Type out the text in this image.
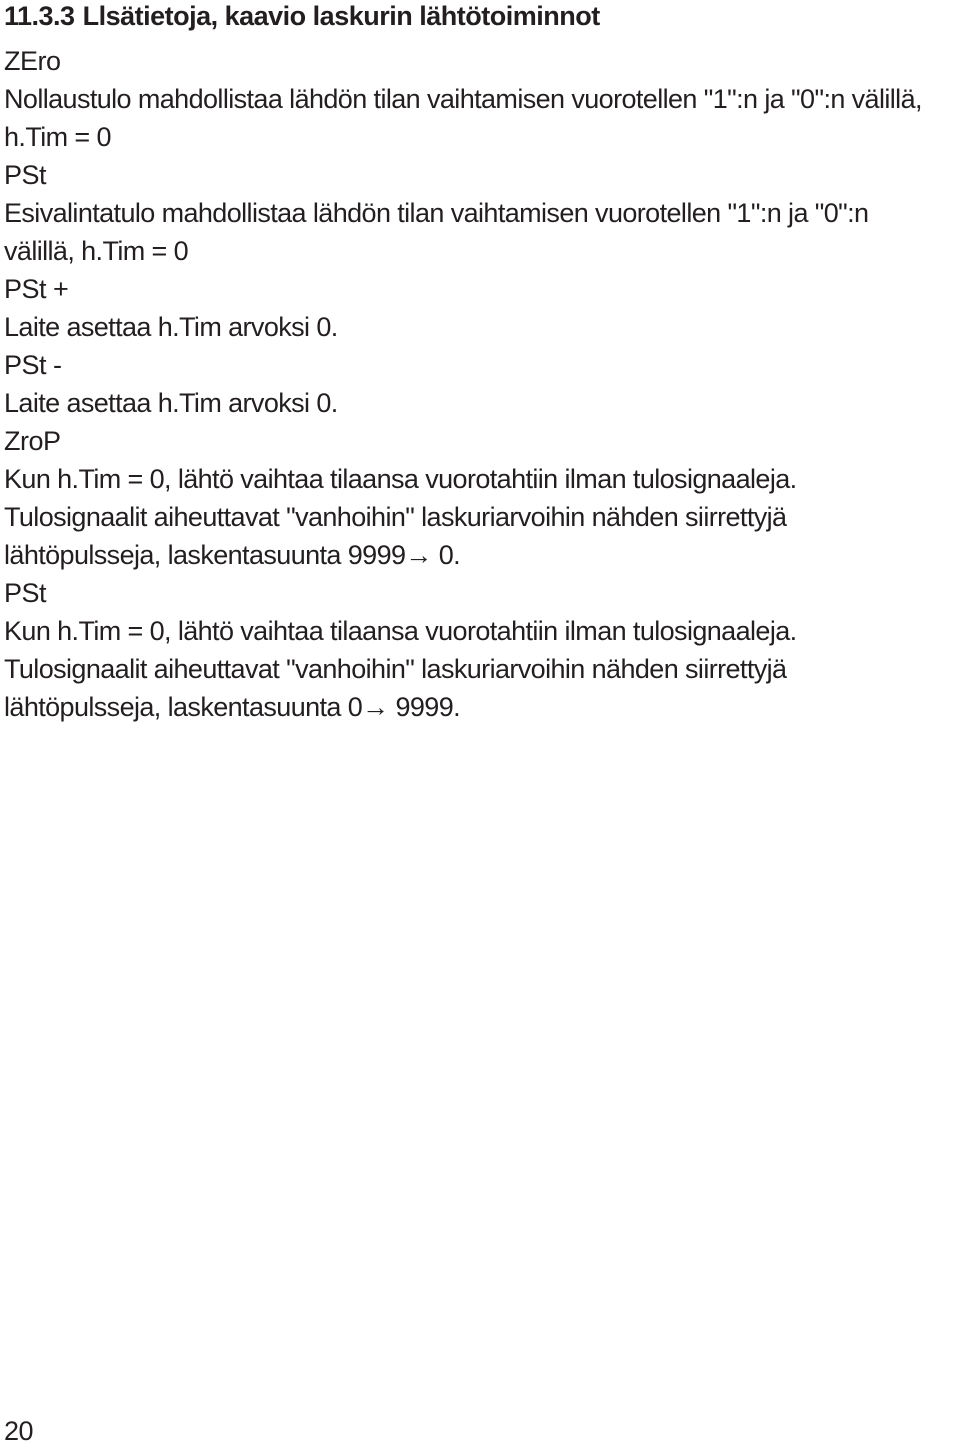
11.3.3 Llsätietoja, kaavio laskurin lähtötoiminnot
ZEro

Nollaustulo mahdollistaa lähdön tilan vaihtamisen vuorotellen "1":n ja "0":n välillä,
h.Tim = 0

PSt

Esivalintatulo mahdollistaa lähdön tilan vaihtamisen vuorotellen "1":n ja "0":n
välillä, h.Tim = 0

PSt +

Laite asettaa h.Tim arvoksi 0.

PSt -

Laite asettaa h.Tim arvoksi 0.

ZroP

Kun h.Tim = 0, lähtö vaihtaa tilaansa vuorotahtiin ilman tulosignaaleja.
Tulosignaalit aiheuttavat "vanhoihin" laskuriarvoihin nähden siirrettyjä
lähtöpulsseja, laskentasuunta 9999→ 0.

PSt

Kun h.Tim = 0, lähtö vaihtaa tilaansa vuorotahtiin ilman tulosignaaleja.
Tulosignaalit aiheuttavat "vanhoihin" laskuriarvoihin nähden siirrettyjä
lähtöpulsseja, laskentasuunta 0→ 9999.

20
